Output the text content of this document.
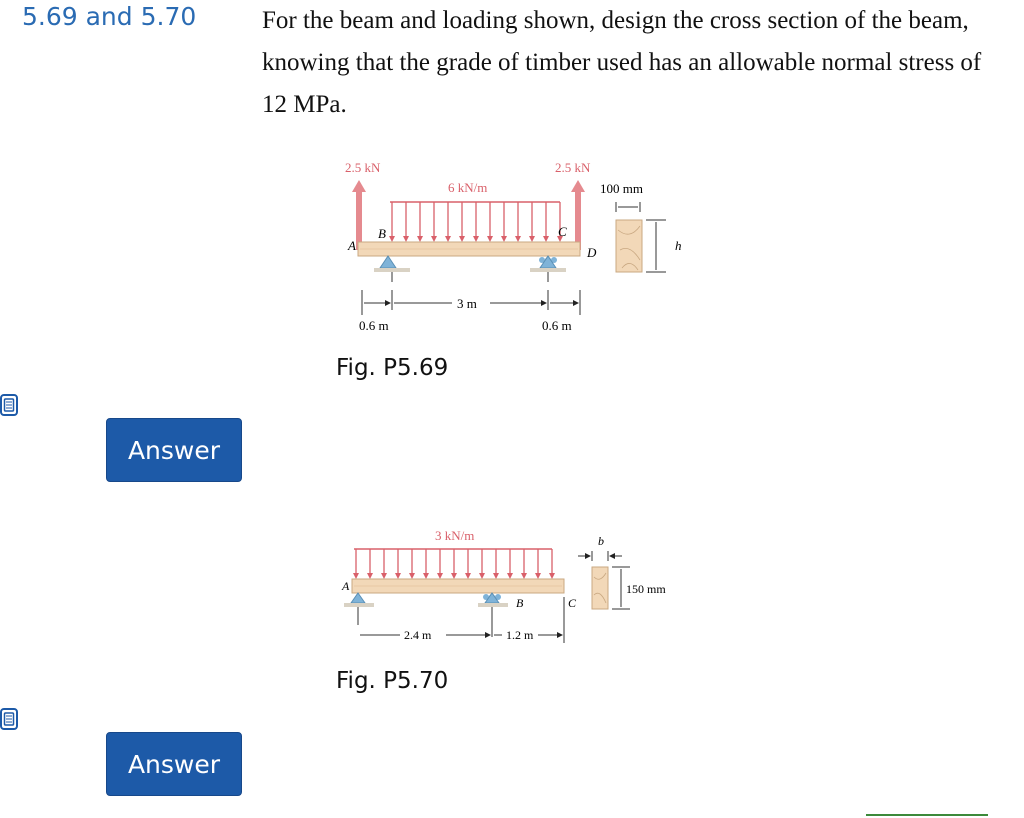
5.69 and 5.70	For the beam and loading shown, design the cross section of the beam, knowing that the grade of timber used has an allowable normal stress of 12 MPa.
2.5 kN	2.5 kN
6 kN/m
A
B	C
D
0.6 m
3 m
0.6 m
100 mm
h
Fig. P5.69
3 kN/m
A
B	C
2.4 m	1.2 m
b
150 mm
Fig. P5.70
Answer
Answer
